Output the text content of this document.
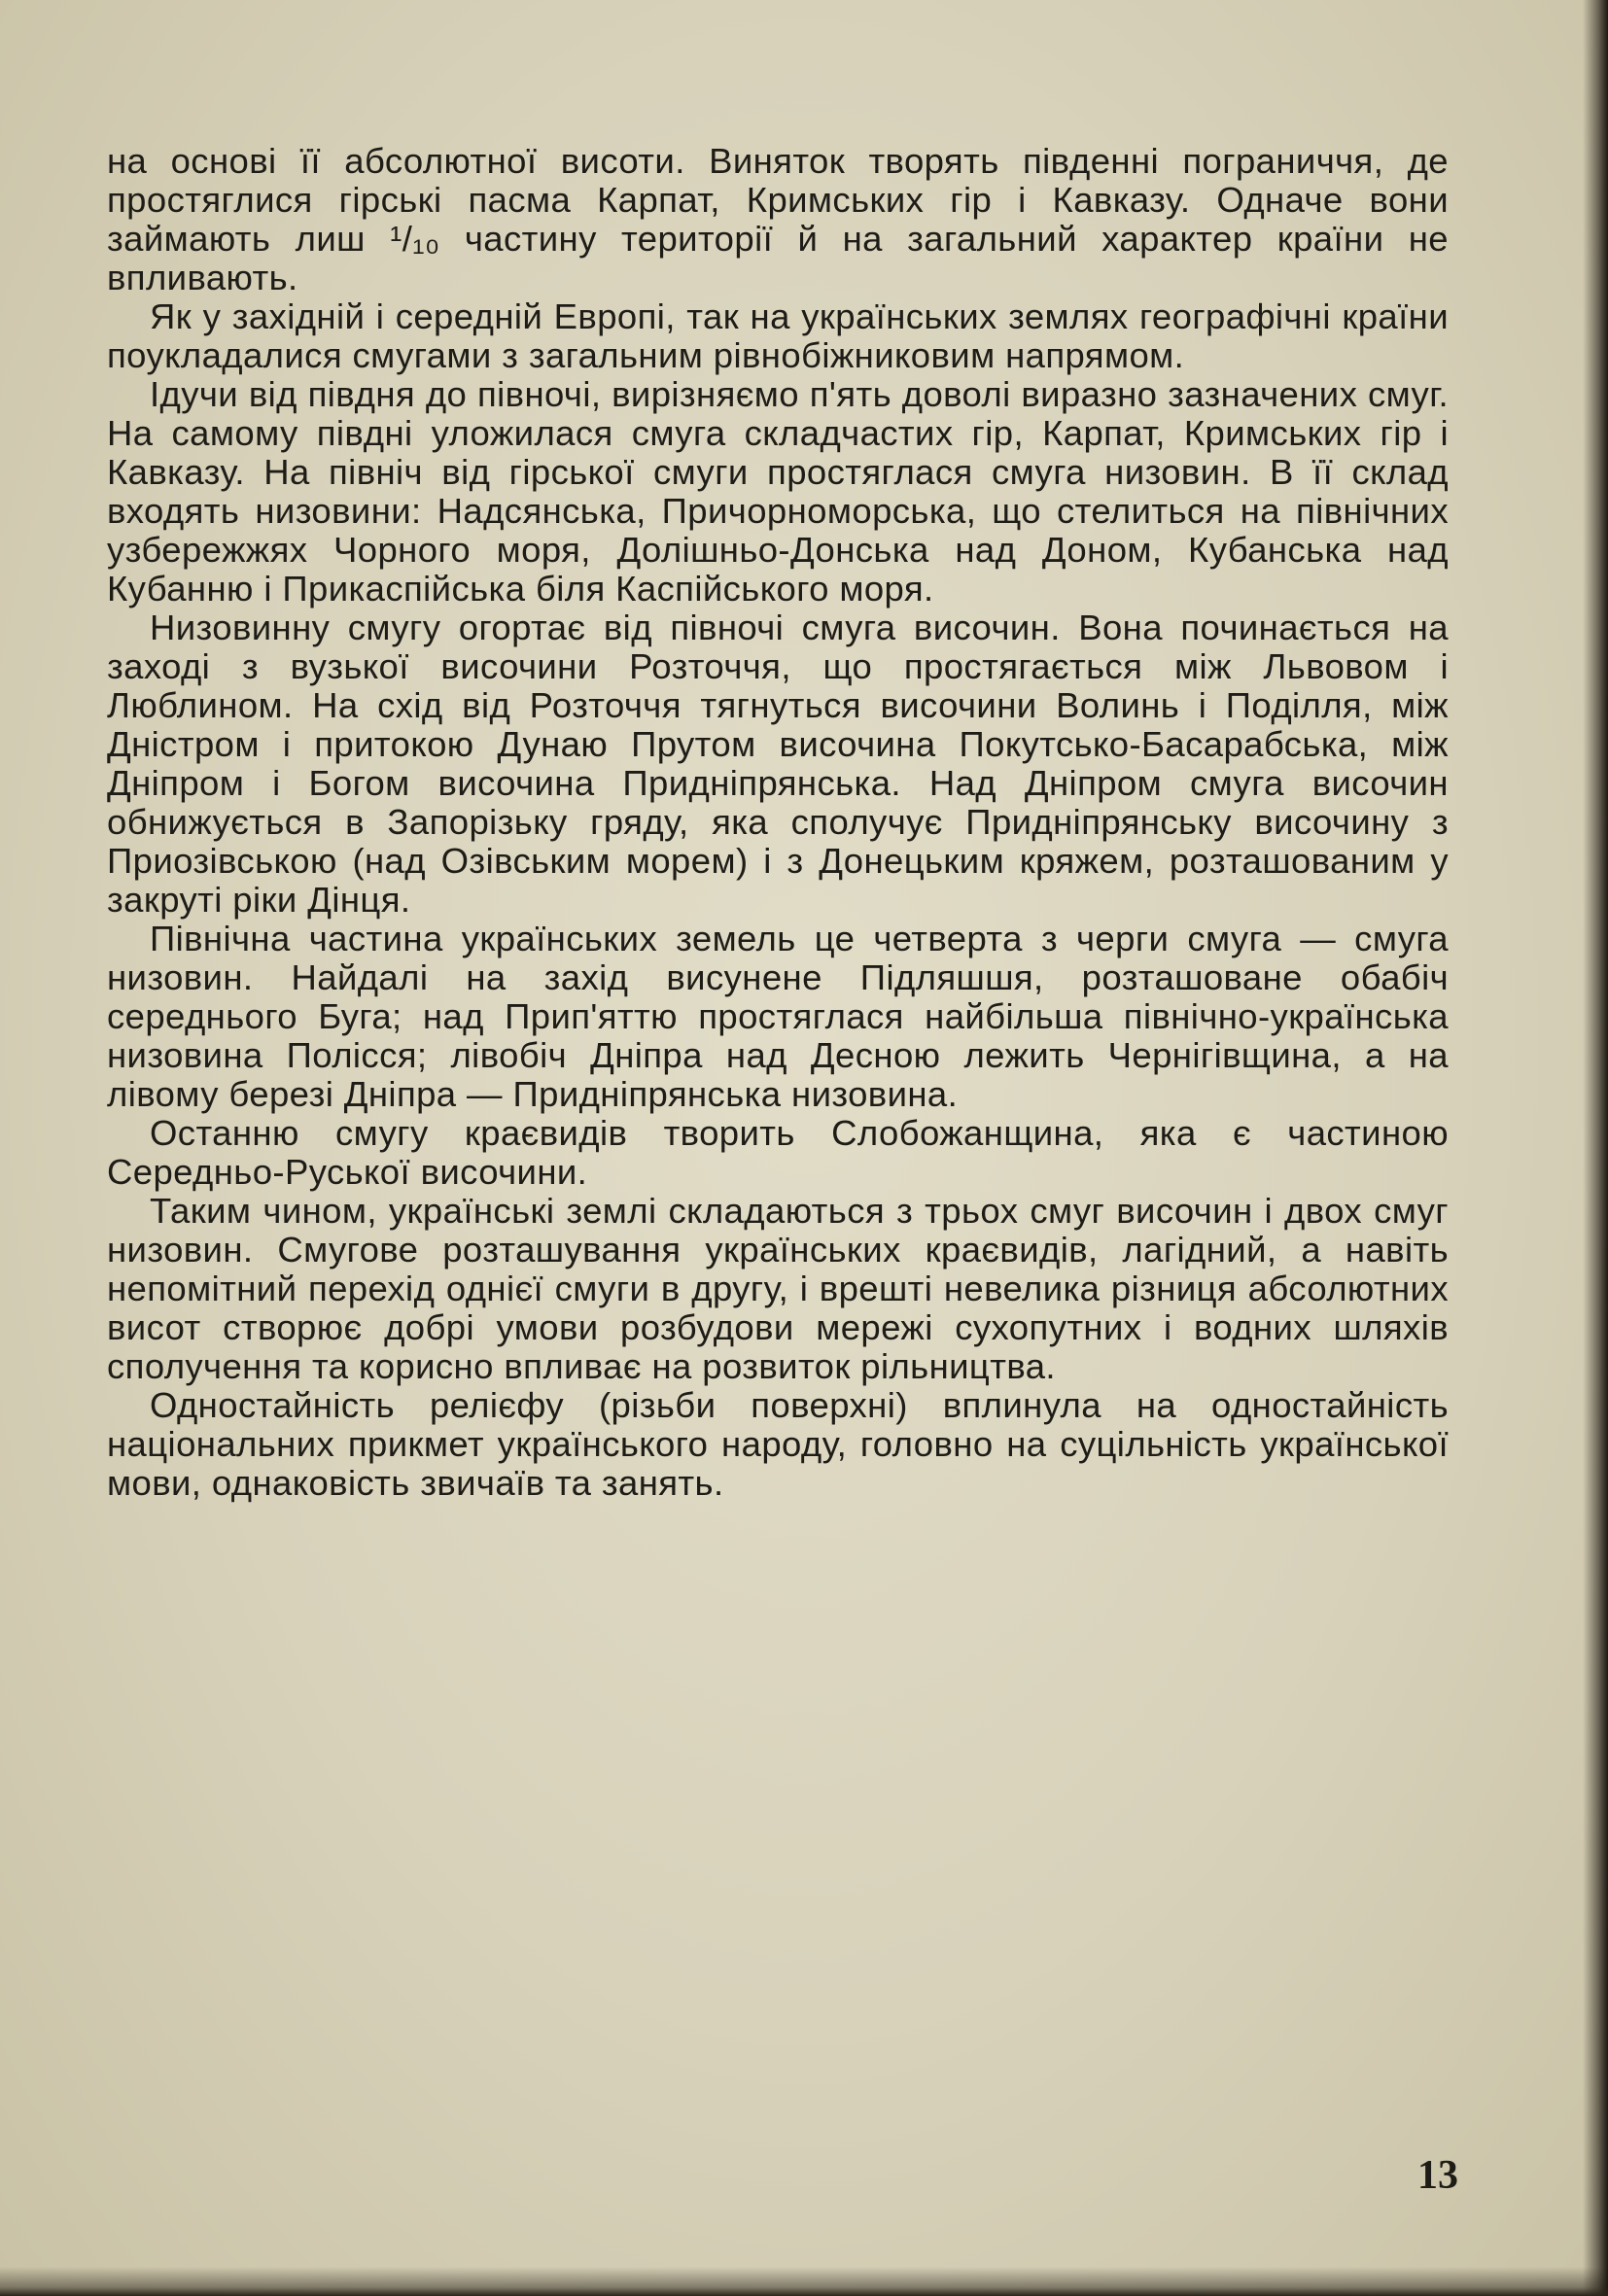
на основі її абсолютної висоти. Виняток творять південні пограниччя, де простяглися гірські пасма Карпат, Кримських гір і Кавказу. Одначе вони займають лиш ¹/₁₀ частину території й на загальний характер країни не впливають.

Як у західній і середній Европі, так на українських землях географічні країни поукладалися смугами з загальним рівнобіжниковим напрямом.

Ідучи від півдня до півночі, вирізняємо п'ять доволі виразно зазначених смуг. На самому півдні уложилася смуга складчастих гір, Карпат, Кримських гір і Кавказу. На північ від гірської смуги простяглася смуга низовин. В її склад входять низовини: Надсянська, Причорноморська, що стелиться на північних узбережжях Чорного моря, Долішньо-Донська над Доном, Кубанська над Кубанню і Прикаспійська біля Каспійського моря.

Низовинну смугу огортає від півночі смуга височин. Вона починається на заході з вузької височини Розточчя, що простягається між Львовом і Люблином. На схід від Розточчя тягнуться височини Волинь і Поділля, між Дністром і притокою Дунаю Прутом височина Покутсько-Басарабська, між Дніпром і Богом височина Придніпрянська. Над Дніпром смуга височин обнижується в Запорізьку гряду, яка сполучує Придніпрянську височину з Приозівською (над Озівським морем) і з Донецьким кряжем, розташованим у закруті ріки Дінця.

Північна частина українських земель це четверта з черги смуга — смуга низовин. Найдалі на захід висунене Підляшшя, розташоване обабіч середнього Буга; над Прип'яттю простяглася найбільша північно-українська низовина Полісся; лівобіч Дніпра над Десною лежить Чернігівщина, а на лівому березі Дніпра — Придніпрянська низовина.

Останню смугу краєвидів творить Слобожанщина, яка є частиною Середньо-Руської височини.

Таким чином, українські землі складаються з трьох смуг височин і двох смуг низовин. Смугове розташування українських краєвидів, лагідний, а навіть непомітний перехід однієї смуги в другу, і врешті невелика різниця абсолютних висот створює добрі умови розбудови мережі сухопутних і водних шляхів сполучення та корисно впливає на розвиток рільництва.

Одностайність релієфу (різьби поверхні) вплинула на одностайність національних прикмет українського народу, головно на суцільність української мови, однаковість звичаїв та занять.

13
